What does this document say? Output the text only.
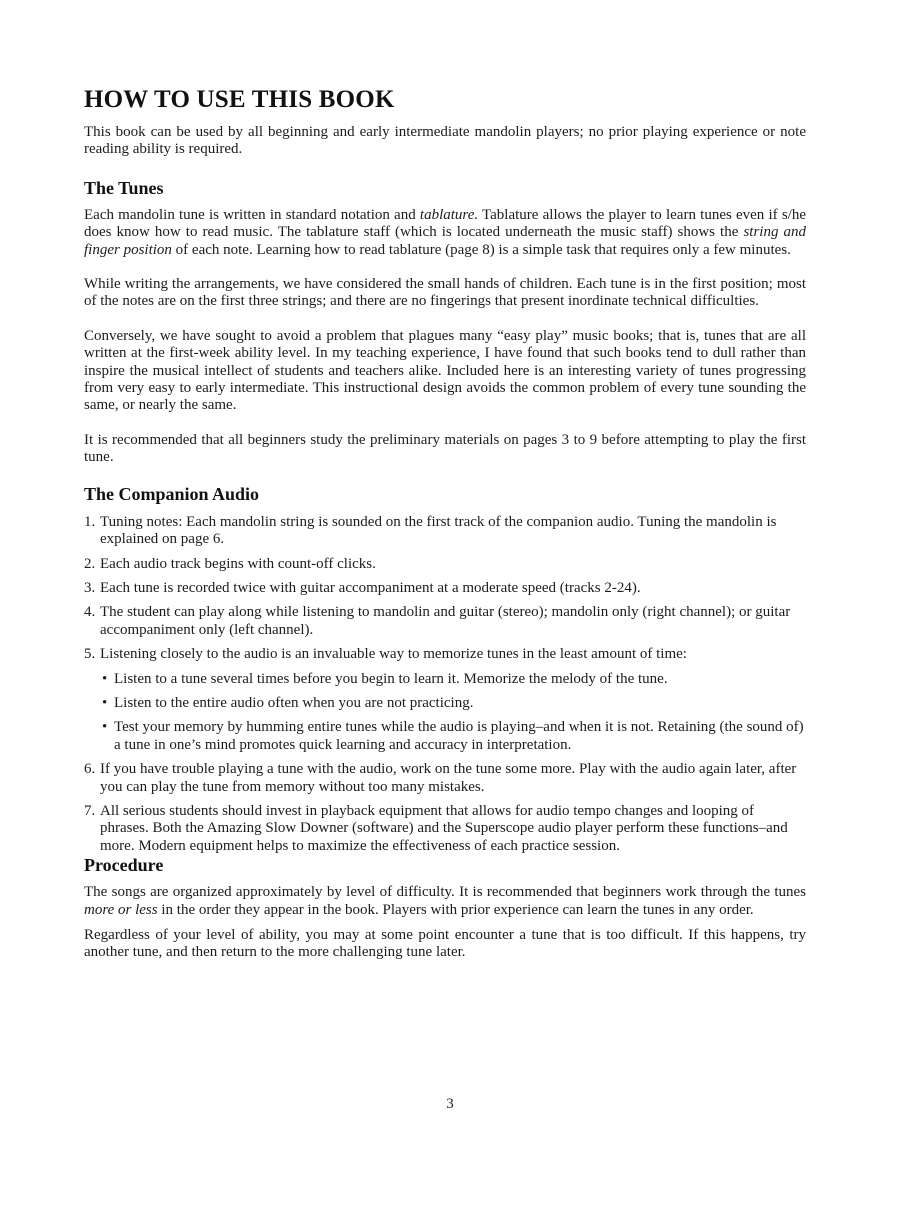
HOW TO USE THIS BOOK

This book can be used by all beginning and early intermediate mandolin players; no prior playing experience or note reading ability is required.

The Tunes

Each mandolin tune is written in standard notation and tablature. Tablature allows the player to learn tunes even if s/he does know how to read music. The tablature staff (which is located underneath the music staff) shows the string and finger position of each note. Learning how to read tablature (page 8) is a simple task that requires only a few minutes.

While writing the arrangements, we have considered the small hands of children. Each tune is in the first position; most of the notes are on the first three strings; and there are no fingerings that present inordinate technical difficulties.

Conversely, we have sought to avoid a problem that plagues many “easy play” music books; that is, tunes that are all written at the first-week ability level. In my teaching experience, I have found that such books tend to dull rather than inspire the musical intellect of students and teachers alike. Included here is an interesting variety of tunes progressing from very easy to early intermediate. This instructional design avoids the common problem of every tune sounding the same, or nearly the same.

It is recommended that all beginners study the preliminary materials on pages 3 to 9 before attempting to play the first tune.

The Companion Audio
1. Tuning notes: Each mandolin string is sounded on the first track of the companion audio. Tuning the mandolin is explained on page 6.
2. Each audio track begins with count-off clicks.
3. Each tune is recorded twice with guitar accompaniment at a moderate speed (tracks 2-24).
4. The student can play along while listening to mandolin and guitar (stereo); mandolin only (right channel); or guitar accompaniment only (left channel).
5. Listening closely to the audio is an invaluable way to memorize tunes in the least amount of time:
• Listen to a tune several times before you begin to learn it. Memorize the melody of the tune.
• Listen to the entire audio often when you are not practicing.
• Test your memory by humming entire tunes while the audio is playing–and when it is not. Retaining (the sound of) a tune in one’s mind promotes quick learning and accuracy in interpretation.
6. If you have trouble playing a tune with the audio, work on the tune some more. Play with the audio again later, after you can play the tune from memory without too many mistakes.
7. All serious students should invest in playback equipment that allows for audio tempo changes and looping of phrases. Both the Amazing Slow Downer (software) and the Superscope audio player perform these functions–and more. Modern equipment helps to maximize the effectiveness of each practice session.
Procedure

The songs are organized approximately by level of difficulty. It is recommended that beginners work through the tunes more or less in the order they appear in the book. Players with prior experience can learn the tunes in any order.

Regardless of your level of ability, you may at some point encounter a tune that is too difficult. If this happens, try another tune, and then return to the more challenging tune later.

3
